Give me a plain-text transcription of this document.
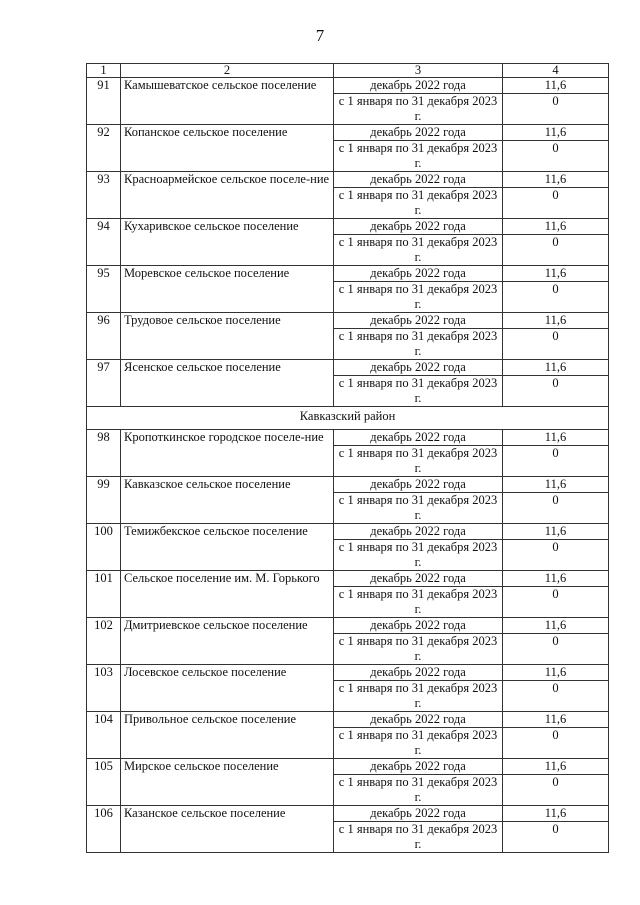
7
1	2	3	4
91	Камышеватское сельское поселение	декабрь 2022 года	11,6
		с 1 января по 31 декабря 2023 г.	0
92	Копанское сельское поселение	декабрь 2022 года	11,6
		с 1 января по 31 декабря 2023 г.	0
93	Красноармейское сельское поселе-ние	декабрь 2022 года	11,6
		с 1 января по 31 декабря 2023 г.	0
94	Кухаривское сельское поселение	декабрь 2022 года	11,6
		с 1 января по 31 декабря 2023 г.	0
95	Моревское сельское поселение	декабрь 2022 года	11,6
		с 1 января по 31 декабря 2023 г.	0
96	Трудовое сельское поселение	декабрь 2022 года	11,6
		с 1 января по 31 декабря 2023 г.	0
97	Ясенское сельское поселение	декабрь 2022 года	11,6
		с 1 января по 31 декабря 2023 г.	0
Кавказский район			
98	Кропоткинское городское поселе-ние	декабрь 2022 года	11,6
		с 1 января по 31 декабря 2023 г.	0
99	Кавказское сельское поселение	декабрь 2022 года	11,6
		с 1 января по 31 декабря 2023 г.	0
100	Темижбекское сельское поселение	декабрь 2022 года	11,6
		с 1 января по 31 декабря 2023 г.	0
101	Сельское поселение им. М. Горького	декабрь 2022 года	11,6
		с 1 января по 31 декабря 2023 г.	0
102	Дмитриевское сельское поселение	декабрь 2022 года	11,6
		с 1 января по 31 декабря 2023 г.	0
103	Лосевское сельское поселение	декабрь 2022 года	11,6
		с 1 января по 31 декабря 2023 г.	0
104	Привольное сельское поселение	декабрь 2022 года	11,6
		с 1 января по 31 декабря 2023 г.	0
105	Мирское сельское поселение	декабрь 2022 года	11,6
		с 1 января по 31 декабря 2023 г.	0
106	Казанское сельское поселение	декабрь 2022 года	11,6
		с 1 января по 31 декабря 2023 г.	0
